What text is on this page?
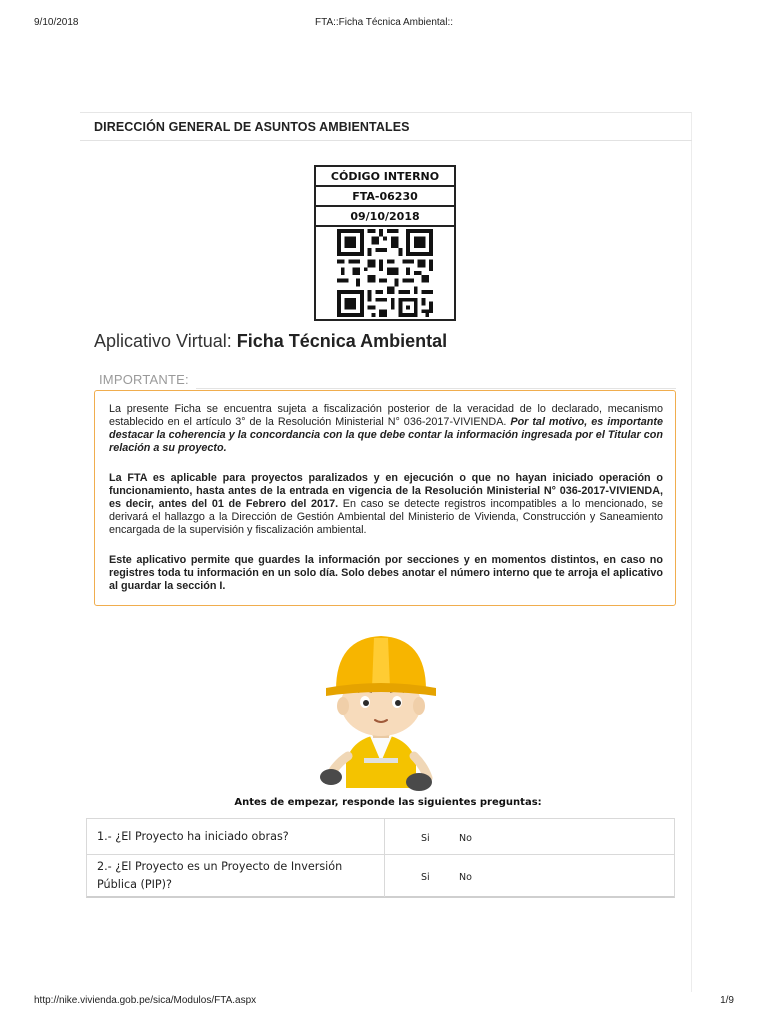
9/10/2018	FTA::Ficha Técnica Ambiental::
DIRECCIÓN GENERAL DE ASUNTOS AMBIENTALES
CÓDIGO INTERNO
FTA-06230
09/10/2018
Aplicativo Virtual: Ficha Técnica Ambiental
IMPORTANTE:

La presente Ficha se encuentra sujeta a fiscalización posterior de la veracidad de lo declarado, mecanismo establecido en el artículo 3° de la Resolución Ministerial N° 036-2017-VIVIENDA. Por tal motivo, es importante destacar la coherencia y la concordancia con la que debe contar la información ingresada por el Titular con relación a su proyecto.

La FTA es aplicable para proyectos paralizados y en ejecución o que no hayan iniciado operación o funcionamiento, hasta antes de la entrada en vigencia de la Resolución Ministerial N° 036-2017-VIVIENDA, es decir, antes del 01 de Febrero del 2017. En caso se detecte registros incompatibles a lo mencionado, se derivará el hallazgo a la Dirección de Gestión Ambiental del Ministerio de Vivienda, Construcción y Saneamiento encargada de la supervisión y fiscalización ambiental.

Este aplicativo permite que guardes la información por secciones y en momentos distintos, en caso no registres toda tu información en un solo día. Solo debes anotar el número interno que te arroja el aplicativo al guardar la sección I.

Antes de empezar, responde las siguientes preguntas:
1.- ¿El Proyecto ha iniciado obras?	Si	No
2.- ¿El Proyecto es un Proyecto de Inversión
Pública (PIP)?
Si	No
http://nike.vivienda.gob.pe/sica/Modulos/FTA.aspx	1/9
